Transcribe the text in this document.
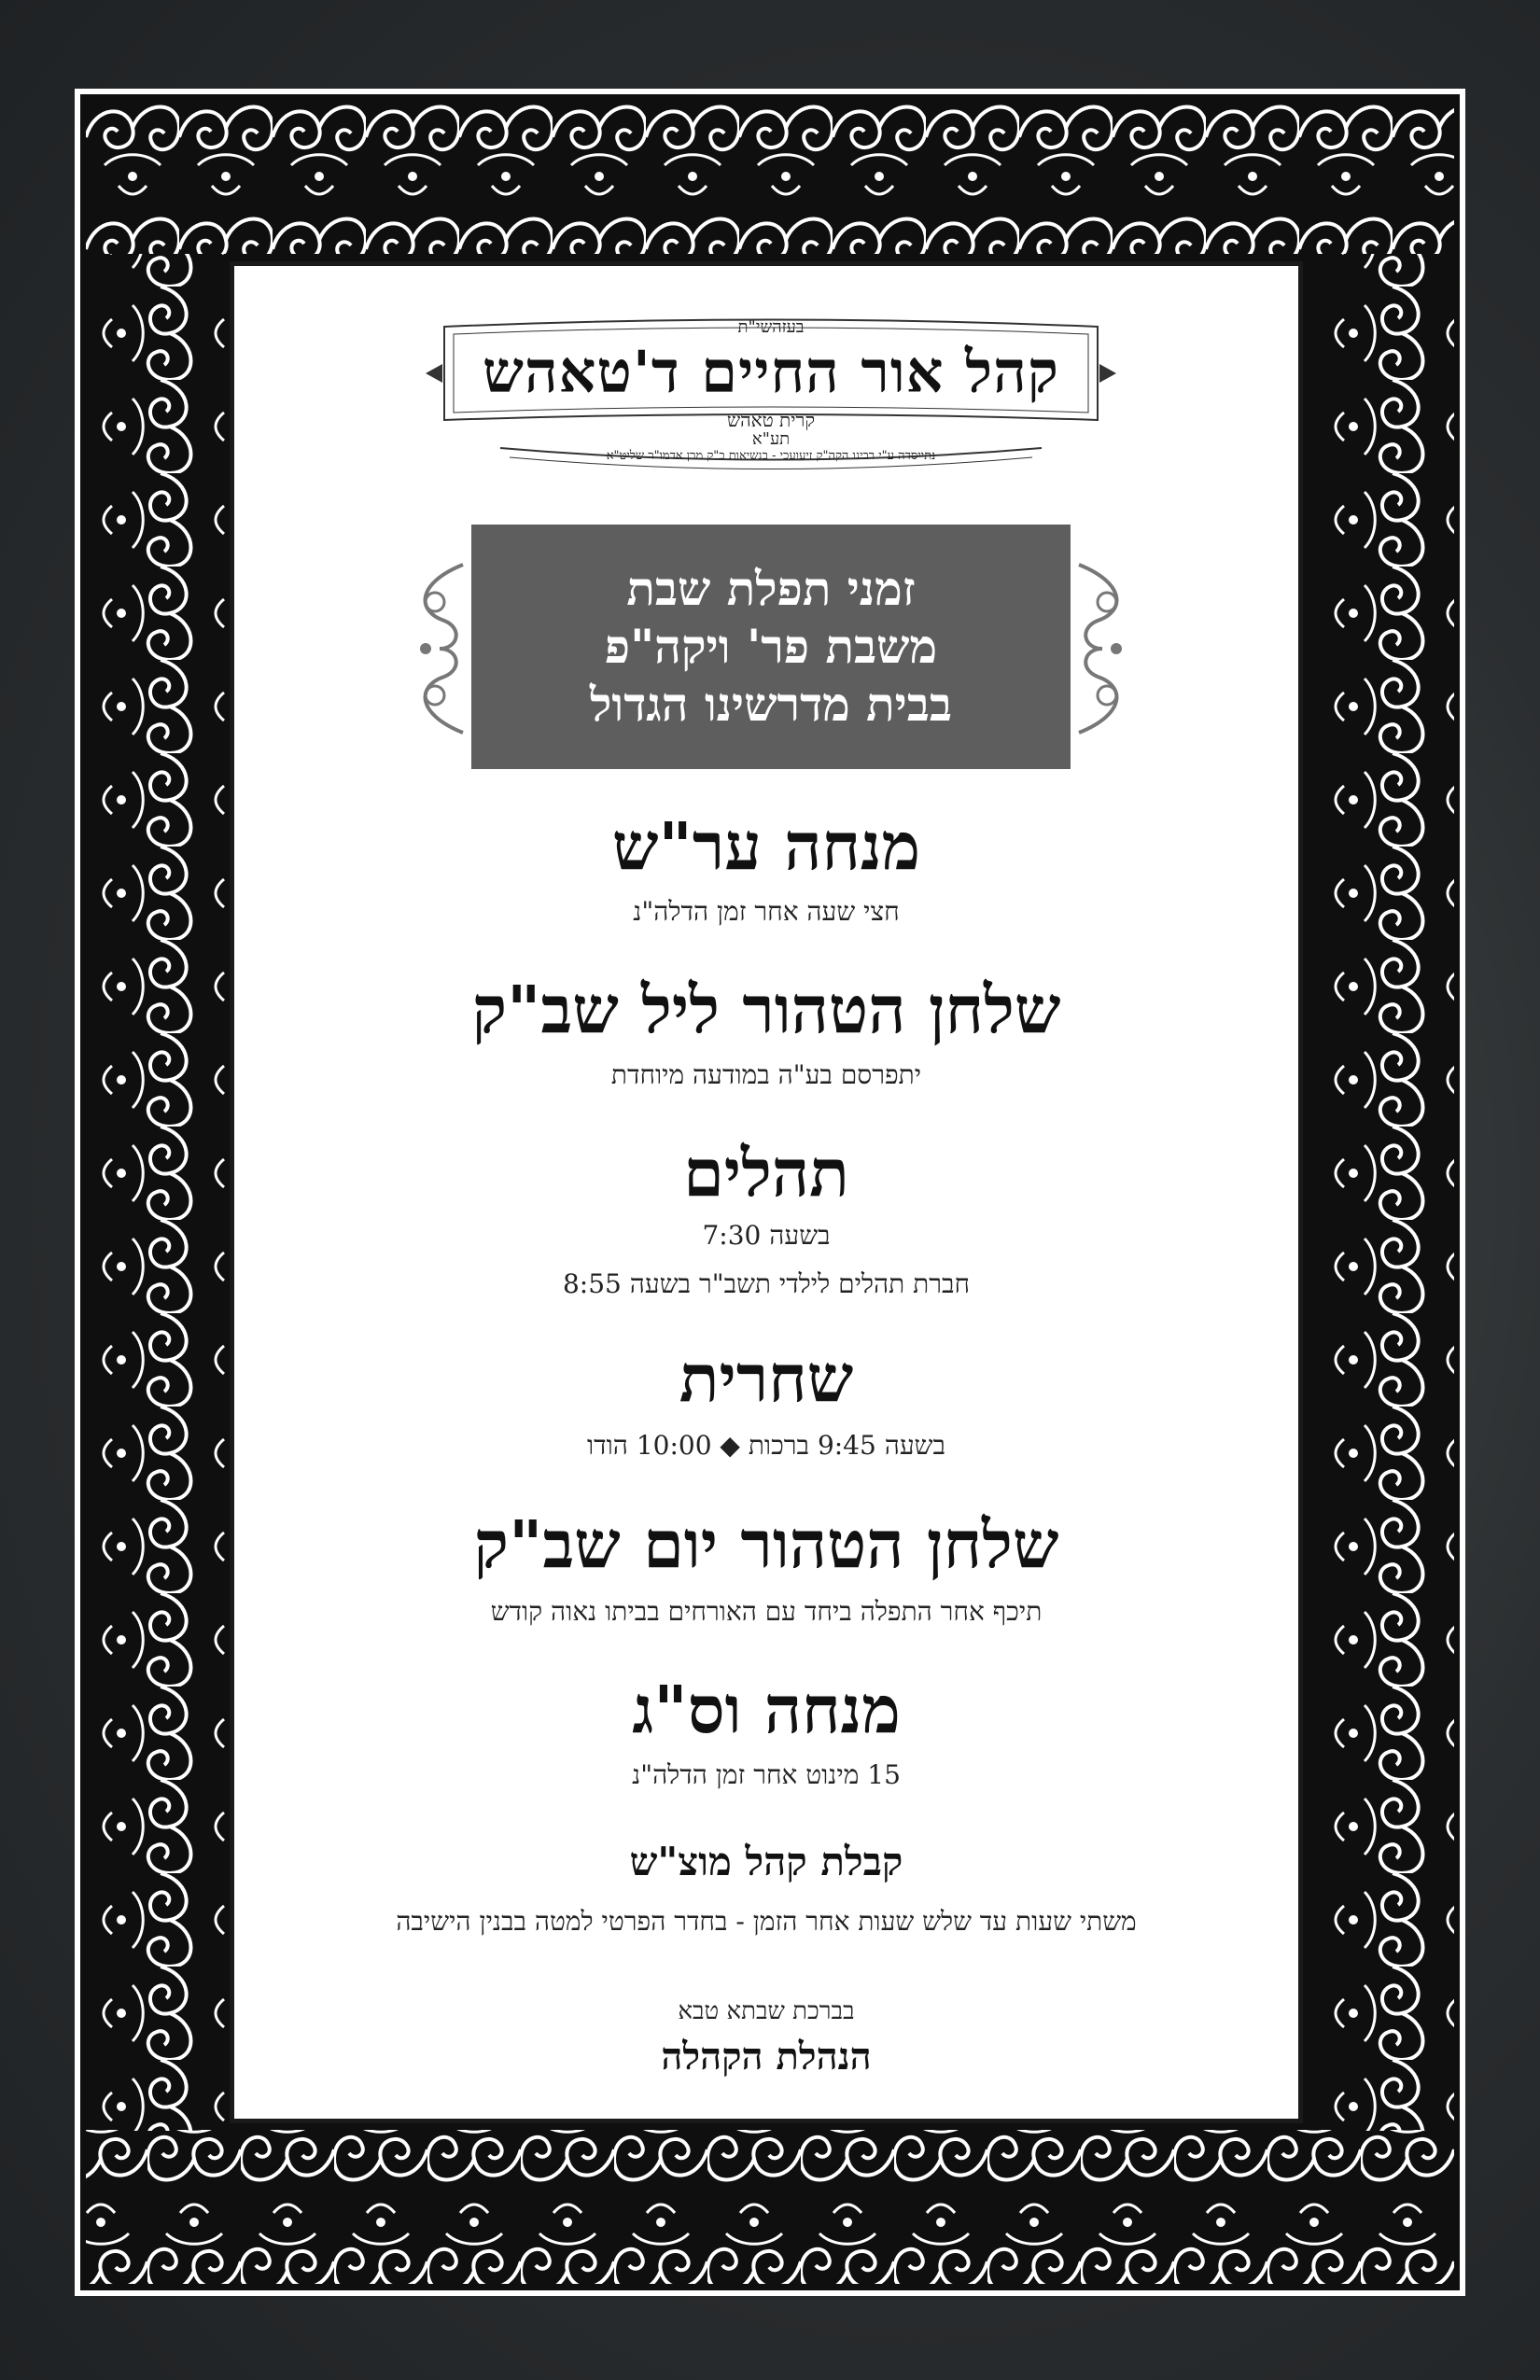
בעזהשי"ת
קהל אור החיים ד'טאהש
קרית טאהש
תע"א
נתייסדה ע"י רבינו הקה"ק זיעועכי - בנשיאות כ"ק מרן אדמו"ר שליט"א
זמני תפלת שבת
משבת פר' ויקה"פ
בבית מדרשינו הגדול
מנחה ער"ש
חצי שעה אחר זמן הדלה"נ
שלחן הטהור ליל שב"ק
יתפרסם בע"ה במודעה מיוחדת
תהלים
בשעה 7:30
חברת תהלים לילדי תשב"ר בשעה 8:55
שחרית
בשעה 9:45 ברכות ◆ 10:00 הודו
שלחן הטהור יום שב"ק
תיכף אחר התפלה ביחד עם האורחים בביתו נאוה קודש
מנחה וס"ג
15 מינוט אחר זמן הדלה"נ
קבלת קהל מוצ"ש
משתי שעות עד שלש שעות אחר הזמן - בחדר הפרטי למטה בבנין הישיבה
בברכת שבתא טבא
הנהלת הקהלה
